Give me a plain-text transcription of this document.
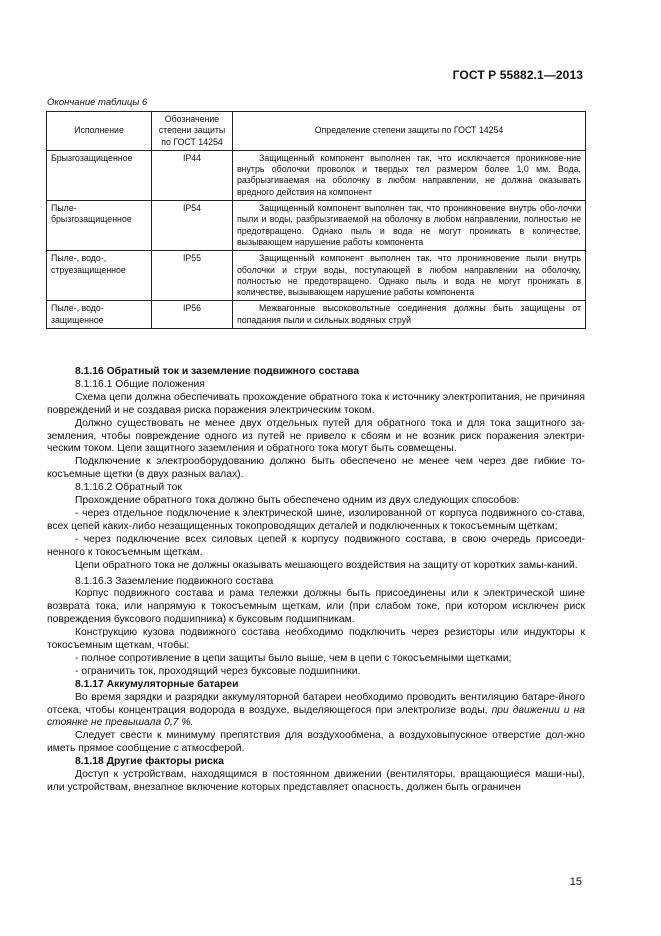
ГОСТ Р 55882.1—2013
Окончание таблицы 6
Исполнение	Обозначение степени защиты по ГОСТ 14254	Определение степени защиты по ГОСТ 14254
Брызгозащищенное	IP44	Защищенный компонент выполнен так, что исключается проникнове-ние внутрь оболочки проволок и твердых тел размером более 1,0 мм. Вода, разбрызгиваемая на оболочку в любом направлении, не должна оказывать вредного действия на компонент
Пыле-брызгозащищенное	IP54	Защищенный компонент выполнен так, что проникновение внутрь обо-лочки пыли и воды, разбрызгиваемой на оболочку в любом направлении, полностью не предотвращено. Однако пыль и вода не могут проникать в количестве, вызывающем нарушение работы компонента
Пыле-, водо-, струезащищенное	IP55	Защищенный компонент выполнен так, что проникновение пыли внутрь оболочки и струи воды, поступающей в любом направлении на оболочку, полностью не предотвращено. Однако пыль и вода не могут проникать в количестве, вызывающем нарушение работы компонента
Пыле-, водо-защищенное	IP56	Межвагонные высоковольтные соединения должны быть защищены от попадания пыли и сильных водяных струй

8.1.16 Обратный ток и заземление подвижного состава

8.1.16.1 Общие положения

Схема цепи должна обеспечивать прохождение обратного тока к источнику электропитания, не причиняя повреждений и не создавая риска поражения электрическим током.

Должно существовать не менее двух отдельных путей для обратного тока и для тока защитного за-земления, чтобы повреждение одного из путей не привело к сбоям и не возник риск поражения электри-ческим током. Цепи защитного заземления и обратного тока могут быть совмещены.

Подключение к электрооборудованию должно быть обеспечено не менее чем через две гибкие то-косъемные щетки (в двух разных валах).

8.1.16.2 Обратный ток

Прохождение обратного тока должно быть обеспечено одним из двух следующих способов:

- через отдельное подключение к электрической шине, изолированной от корпуса подвижного со-става, всех цепей каких-либо незащищенных токопроводящих деталей и подключенных к токосъемным щеткам;

- через подключение всех силовых цепей к корпусу подвижного состава, в свою очередь присоеди-ненного к токосъемным щеткам.

Цепи обратного тока не должны оказывать мешающего воздействия на защиту от коротких замы-каний.

8.1.16.3 Заземление подвижного состава

Корпус подвижного состава и рама тележки должны быть присоединены или к электрической шине возврата тока, или напрямую к токосъемным щеткам, или (при слабом токе, при котором исключен риск повреждения буксового подшипника) к буксовым подшипникам.

Конструкцию кузова подвижного состава необходимо подключить через резисторы или индукторы к токосъемным щеткам, чтобы:

- полное сопротивление в цепи защиты было выше, чем в цепи с токосъемными щетками;

- ограничить ток, проходящий через буксовые подшипники.

8.1.17 Аккумуляторные батареи

Во время зарядки и разрядки аккумуляторной батареи необходимо проводить вентиляцию батаре-йного отсека, чтобы концентрация водорода в воздухе, выделяющегося при электролизе воды, при движении и на стоянке не превышала 0,7 %.

Следует свести к минимуму препятствия для воздухообмена, а воздуховыпускное отверстие дол-жно иметь прямое сообщение с атмосферой.

8.1.18 Другие факторы риска

Доступ к устройствам, находящимся в постоянном движении (вентиляторы, вращающиеся маши-ны), или устройствам, внезапное включение которых представляет опасность, должен быть ограничен

15
